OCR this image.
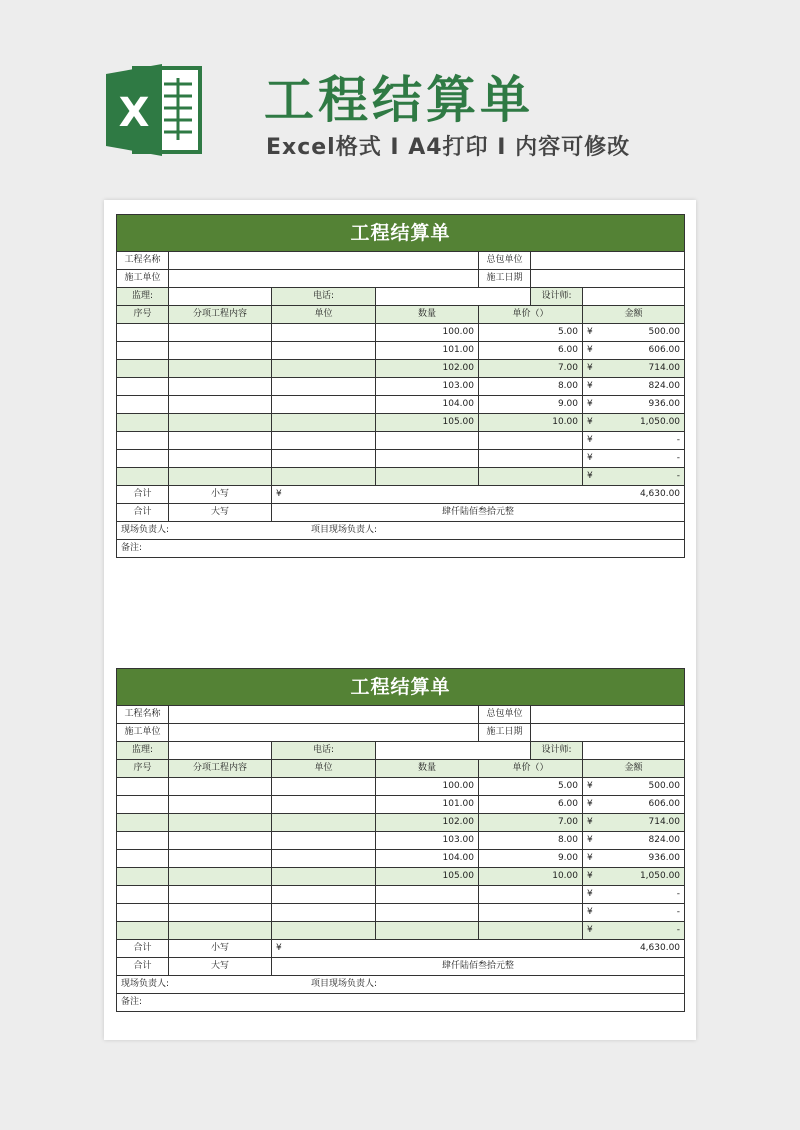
X 工程结算单
Excel格式 I A4打印 I 内容可修改
工程结算单						
工程名称				总包单位		
施工单位				施工日期		
监理:		电话:			设计师:	
序号	分项工程内容	单位	数量	单价（）		金额
			100.00	5.00		¥ 500.00
			101.00	6.00		¥ 606.00
			102.00	7.00		¥ 714.00
			103.00	8.00		¥ 824.00
			104.00	9.00		¥ 936.00
			105.00	10.00		¥ 1,050.00

						¥ -

						¥ -

						¥ -
合计	小写	¥ 4,630.00				

合计	大写	肆仟陆佰叁拾元整				
现场负责人: 项目现场负责人:						
备注:						
工程结算单						
工程名称				总包单位		
施工单位				施工日期		
监理:		电话:			设计师:	
序号	分项工程内容	单位	数量	单价（）		金额
			100.00	5.00		¥ 500.00
			101.00	6.00		¥ 606.00
			102.00	7.00		¥ 714.00
			103.00	8.00		¥ 824.00
			104.00	9.00		¥ 936.00
			105.00	10.00		¥ 1,050.00

						¥ -

						¥ -

						¥ -
合计	小写	¥ 4,630.00				

合计	大写	肆仟陆佰叁拾元整				
现场负责人: 项目现场负责人:						
备注:						
